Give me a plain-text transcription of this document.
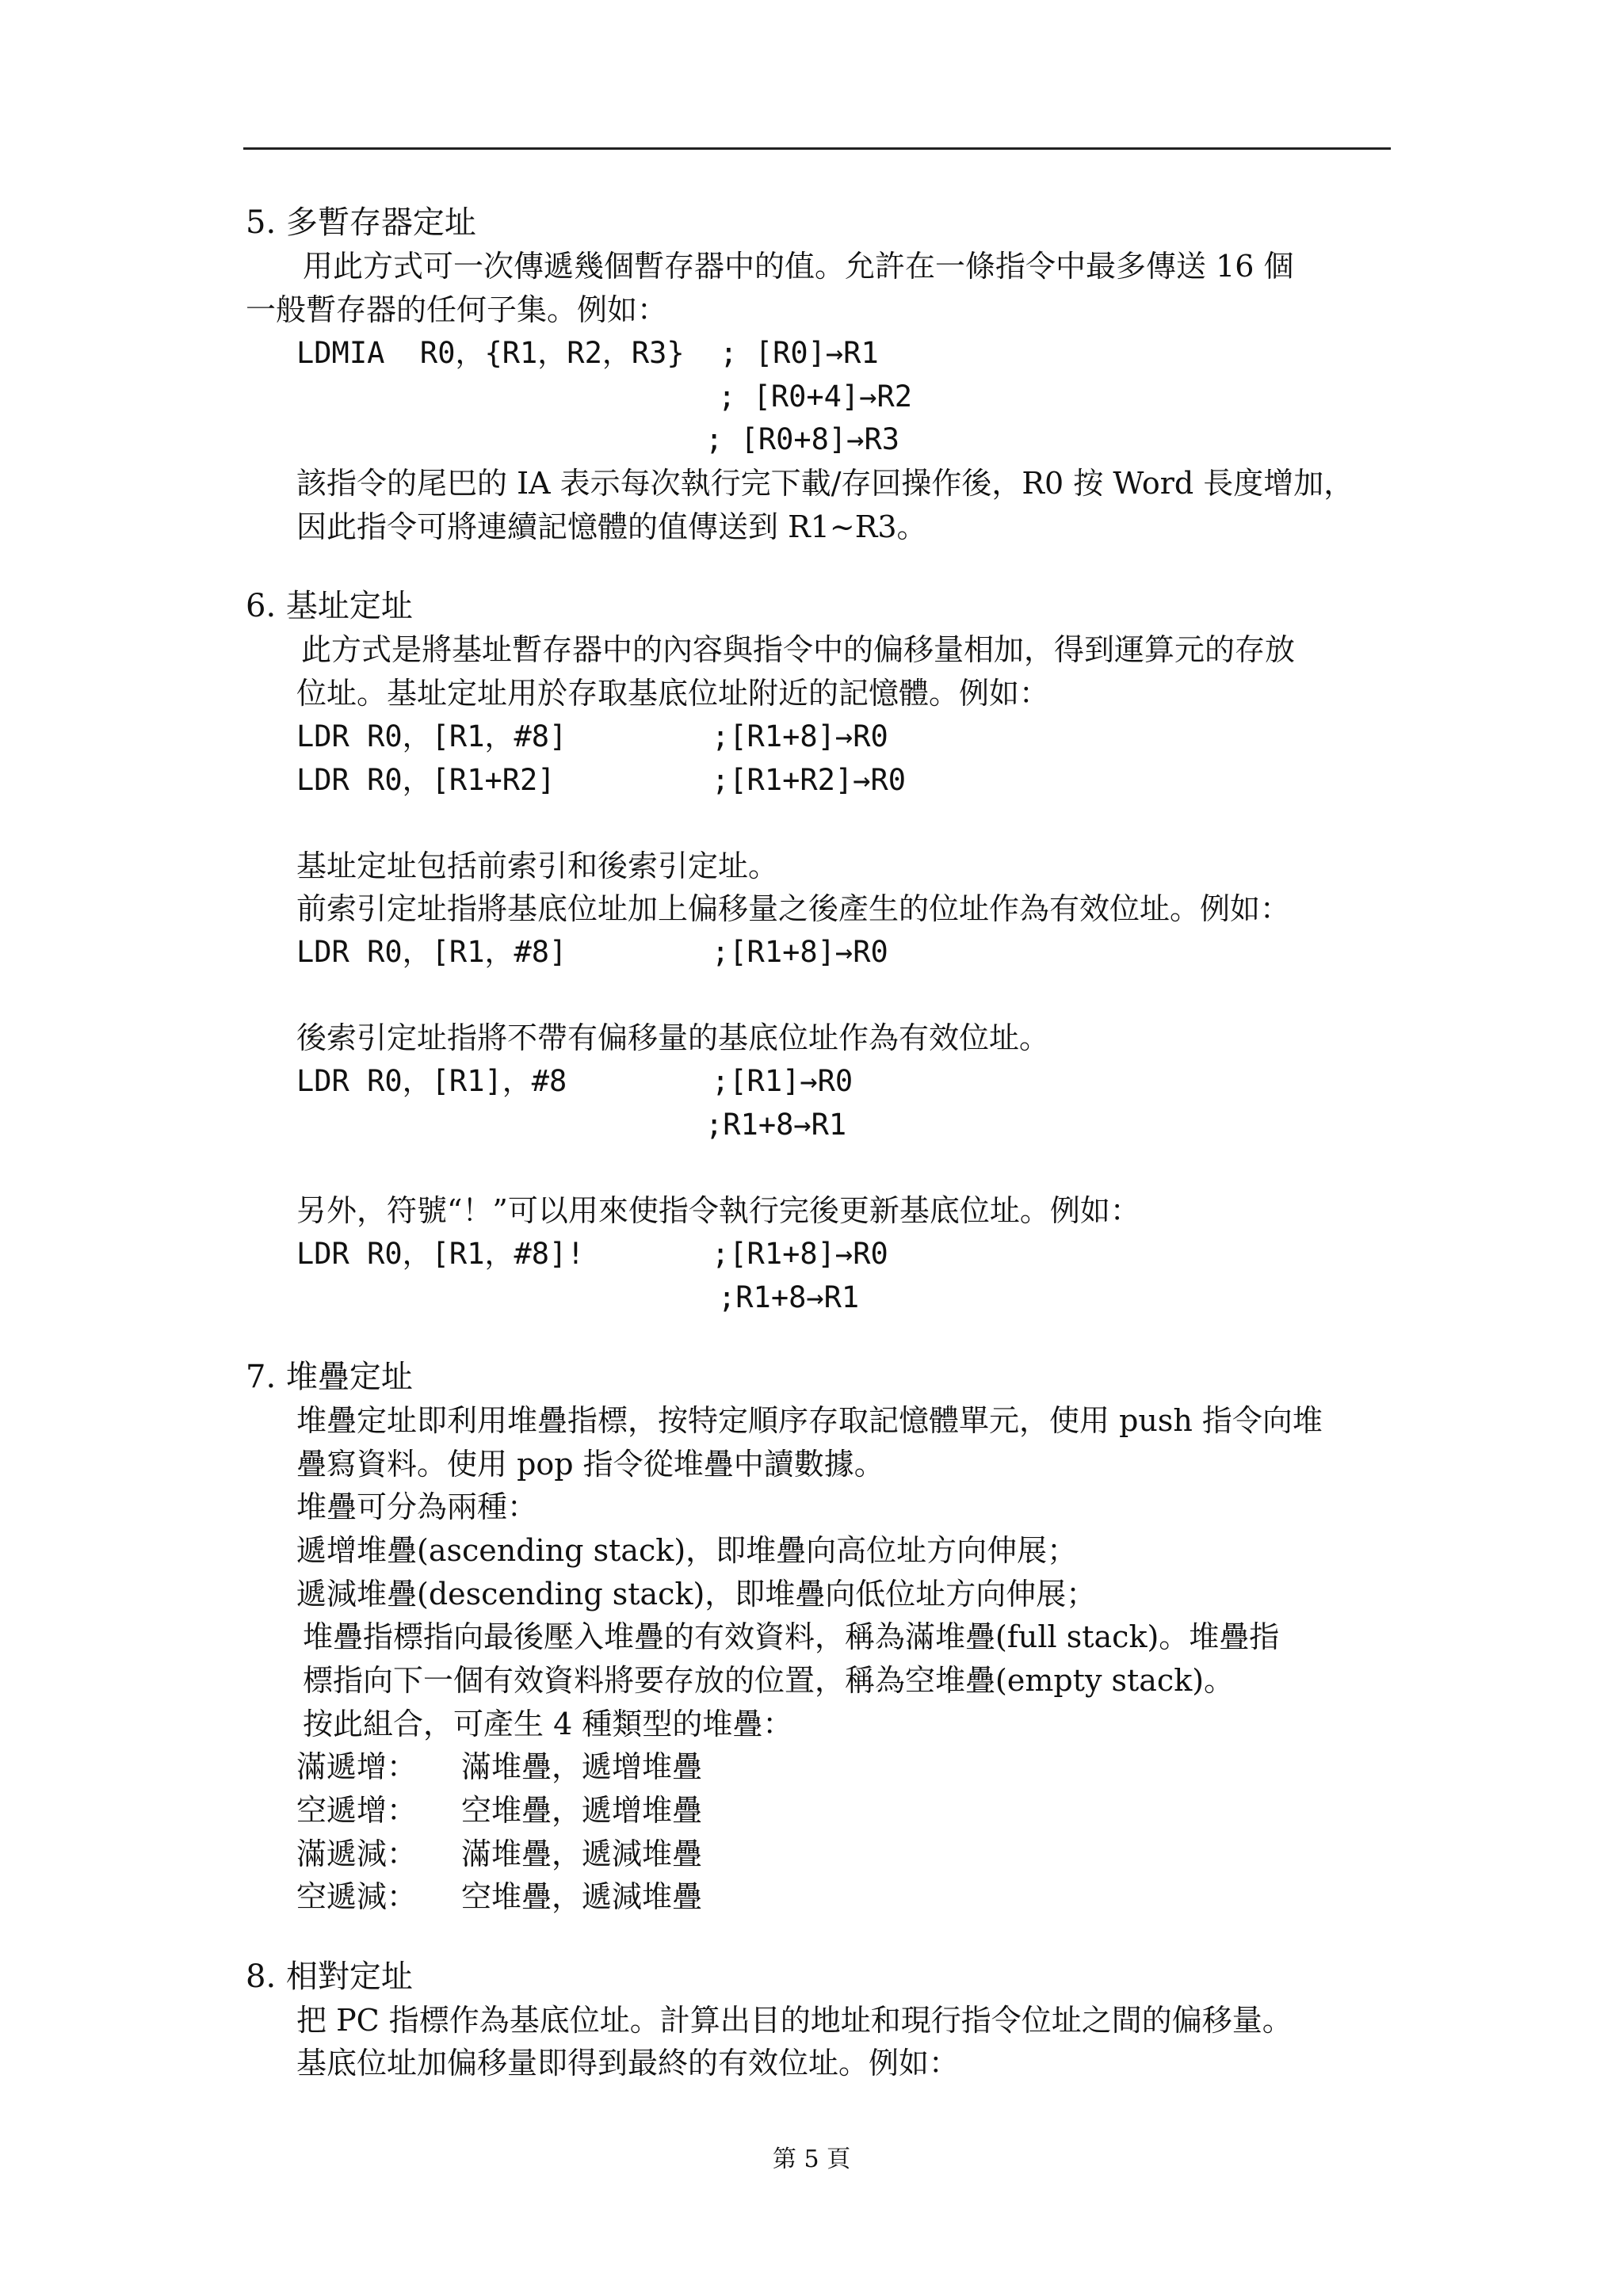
5. 多暫存器定址
用此方式可一次傳遞幾個暫存器中的值。允許在一條指令中最多傳送 16 個
一般暫存器的任何子集。例如：
LDMIA  R0，{R1，R2，R3}  ; [R0]→R1
; [R0+4]→R2
; [R0+8]→R3
該指令的尾巴的 IA 表示每次執行完下載/存回操作後，R0 按 Word 長度增加，
因此指令可將連續記憶體的值傳送到 R1~R3。
6. 基址定址
此方式是將基址暫存器中的內容與指令中的偏移量相加，得到運算元的存放
位址。基址定址用於存取基底位址附近的記憶體。例如：
LDR R0，[R1，#8]	;[R1+8]→R0
LDR R0，[R1+R2]	;[R1+R2]→R0
基址定址包括前索引和後索引定址。
前索引定址指將基底位址加上偏移量之後產生的位址作為有效位址。例如：
LDR R0，[R1，#8]	;[R1+8]→R0
後索引定址指將不帶有偏移量的基底位址作為有效位址。
LDR R0，[R1]，#8	;[R1]→R0
;R1+8→R1
另外，符號“！”可以用來使指令執行完後更新基底位址。例如：
LDR R0，[R1，#8]!	;[R1+8]→R0
;R1+8→R1
7. 堆疊定址
堆疊定址即利用堆疊指標，按特定順序存取記憶體單元，使用 push 指令向堆
疊寫資料。使用 pop 指令從堆疊中讀數據。
堆疊可分為兩種：
遞增堆疊(ascending stack)，即堆疊向高位址方向伸展；
遞減堆疊(descending stack)，即堆疊向低位址方向伸展；
堆疊指標指向最後壓入堆疊的有效資料，稱為滿堆疊(full stack)。堆疊指
標指向下一個有效資料將要存放的位置，稱為空堆疊(empty stack)。
按此組合，可產生 4 種類型的堆疊：
滿遞增： 滿堆疊，遞增堆疊
空遞增： 空堆疊，遞增堆疊
滿遞減： 滿堆疊，遞減堆疊
空遞減： 空堆疊，遞減堆疊
8. 相對定址
把 PC 指標作為基底位址。計算出目的地址和現行指令位址之間的偏移量。
基底位址加偏移量即得到最終的有效位址。例如：
第 5 頁
